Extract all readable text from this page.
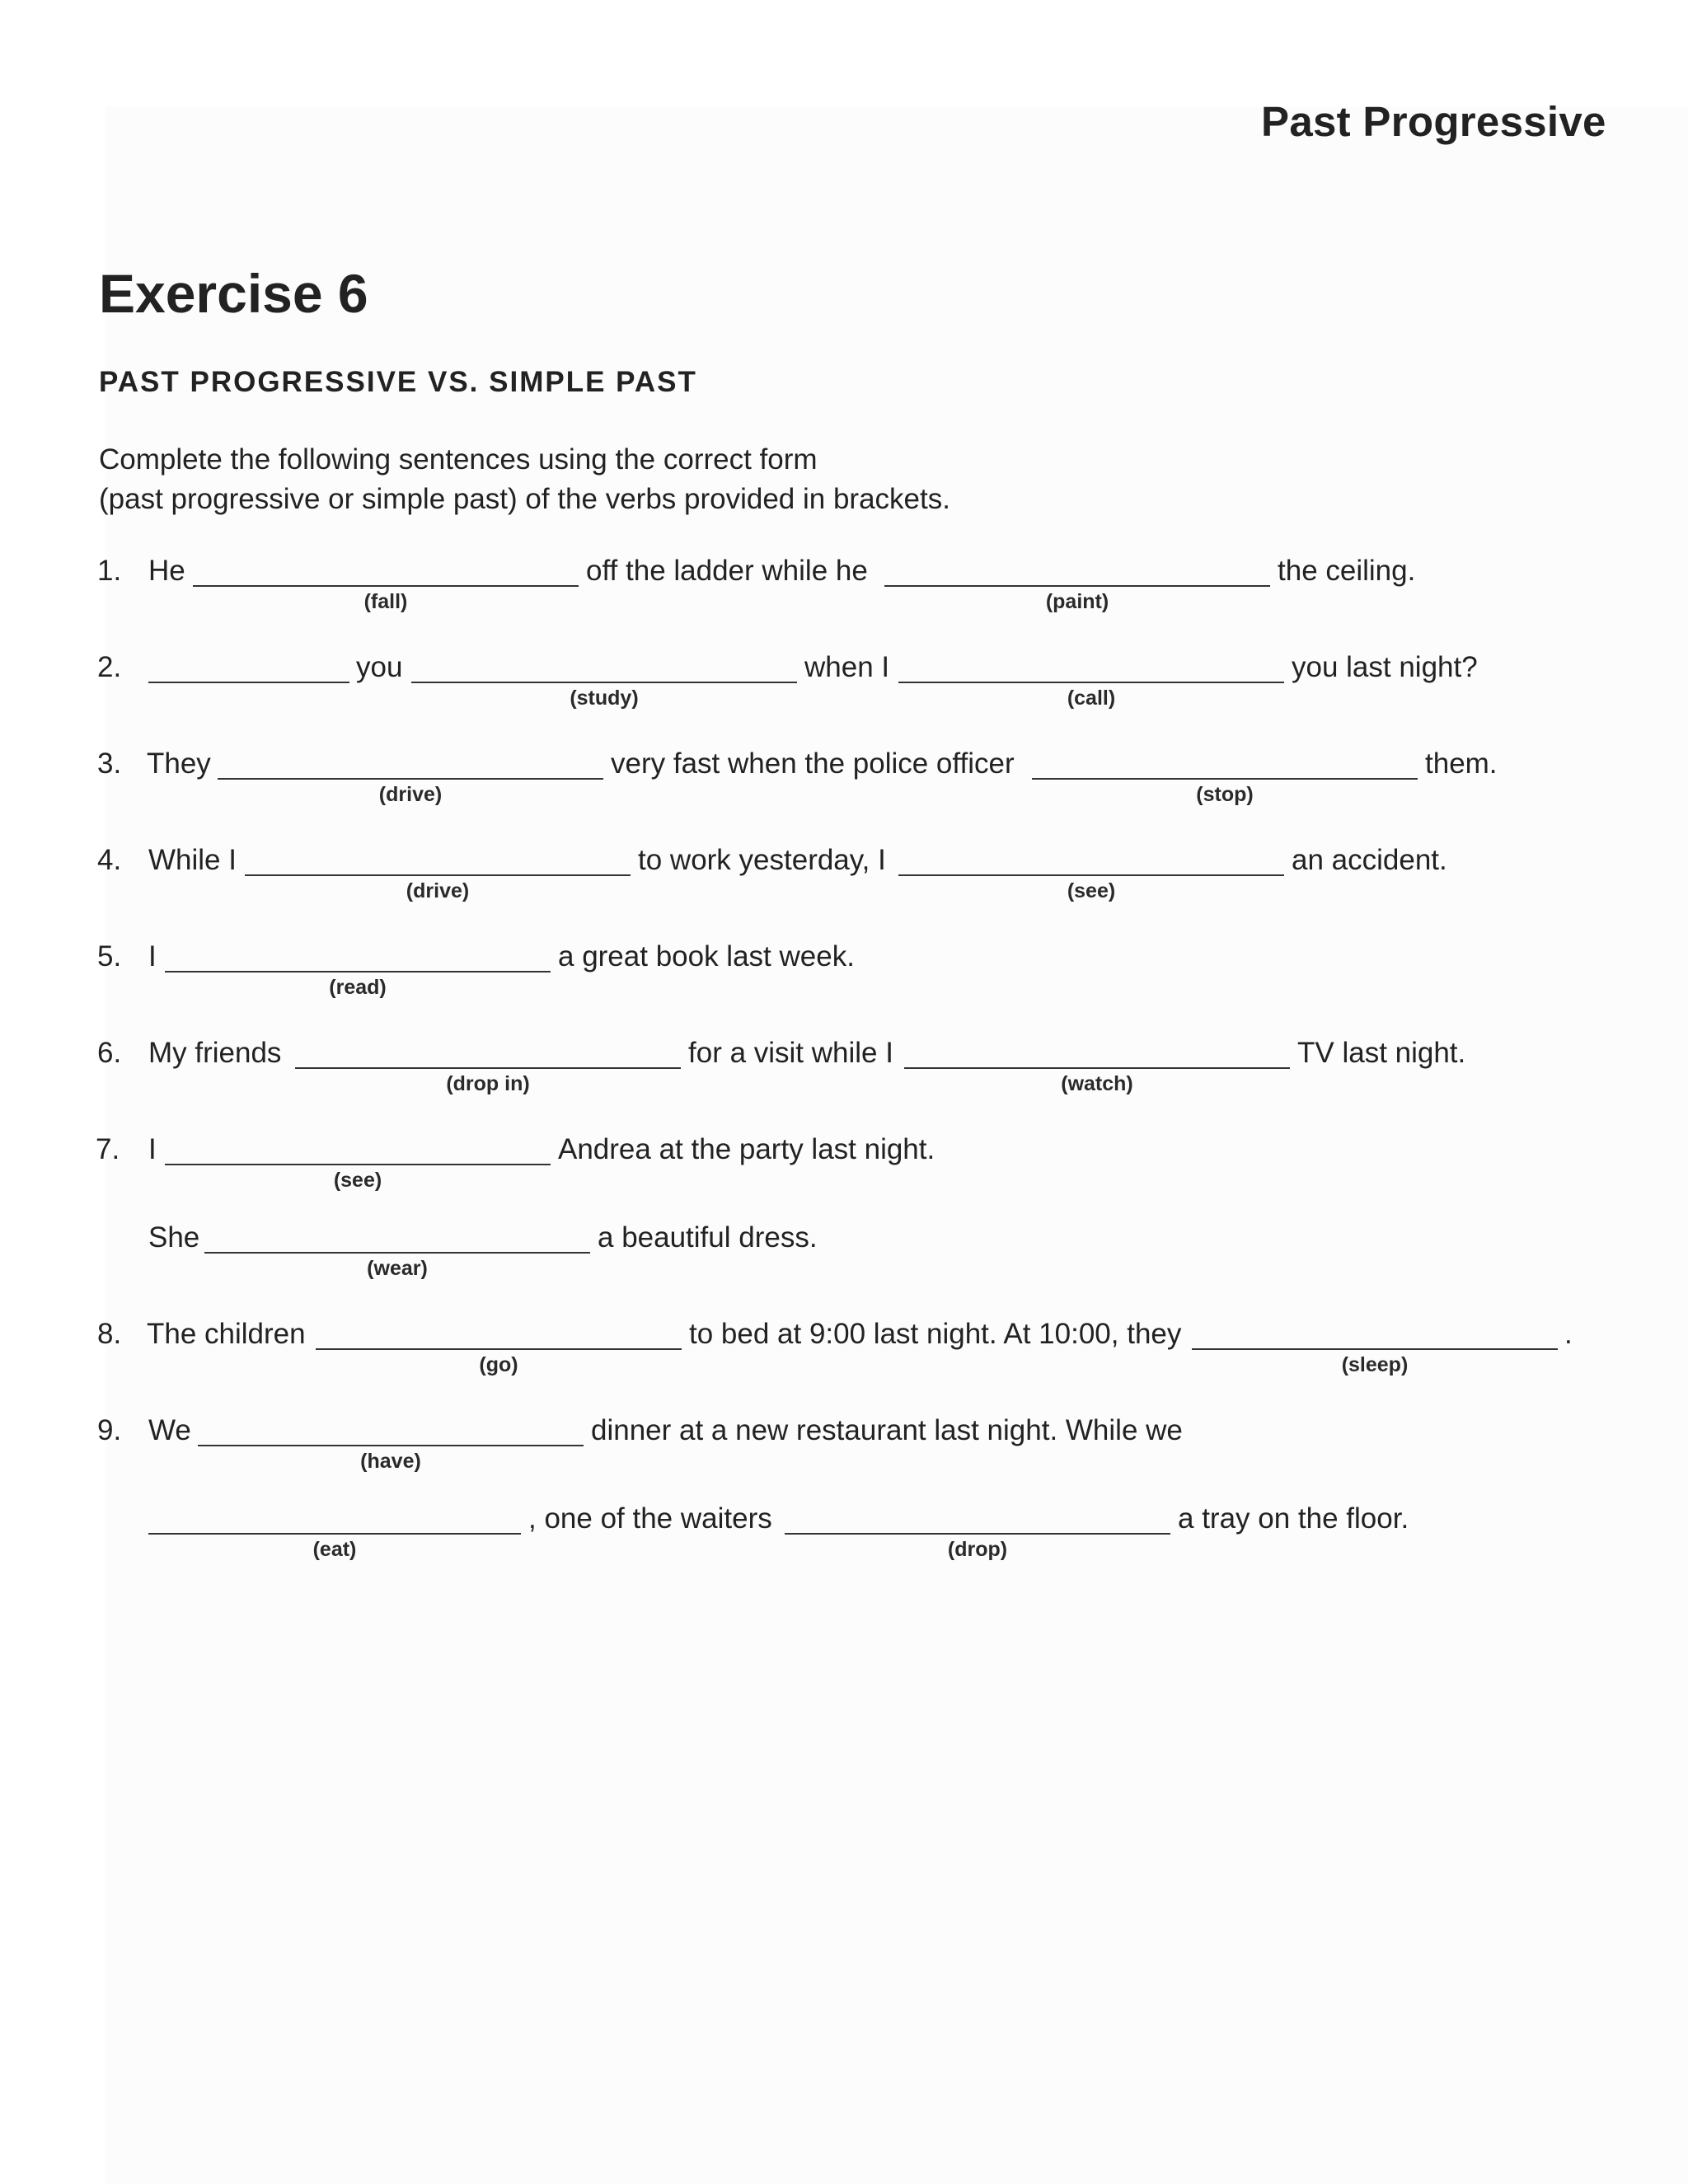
Past Progressive
Exercise 6
PAST PROGRESSIVE VS. SIMPLE PAST
Complete the following sentences using the correct form
(past progressive or simple past) of the verbs provided in brackets.
1. He
(fall)
off the ladder while he
(paint)
the ceiling.
2.	you
(study)
when I
(call)
you last night?
3. They
(drive)
very fast when the police officer
(stop)
them.
4. While I
(drive)
to work yesterday, I
(see)
an accident.
5. I
(read)
a great book last week.
6. My friends
(drop in)
for a visit while I
(watch)
TV last night.
7. I
(see)
Andrea at the party last night.
She
(wear)
a beautiful dress.
8. The children
(go)
to bed at 9:00 last night. At 10:00, they
(sleep)
.
9. We
(have)
dinner at a new restaurant last night. While we
(eat)
, one of the waiters
(drop)
a tray on the floor.
